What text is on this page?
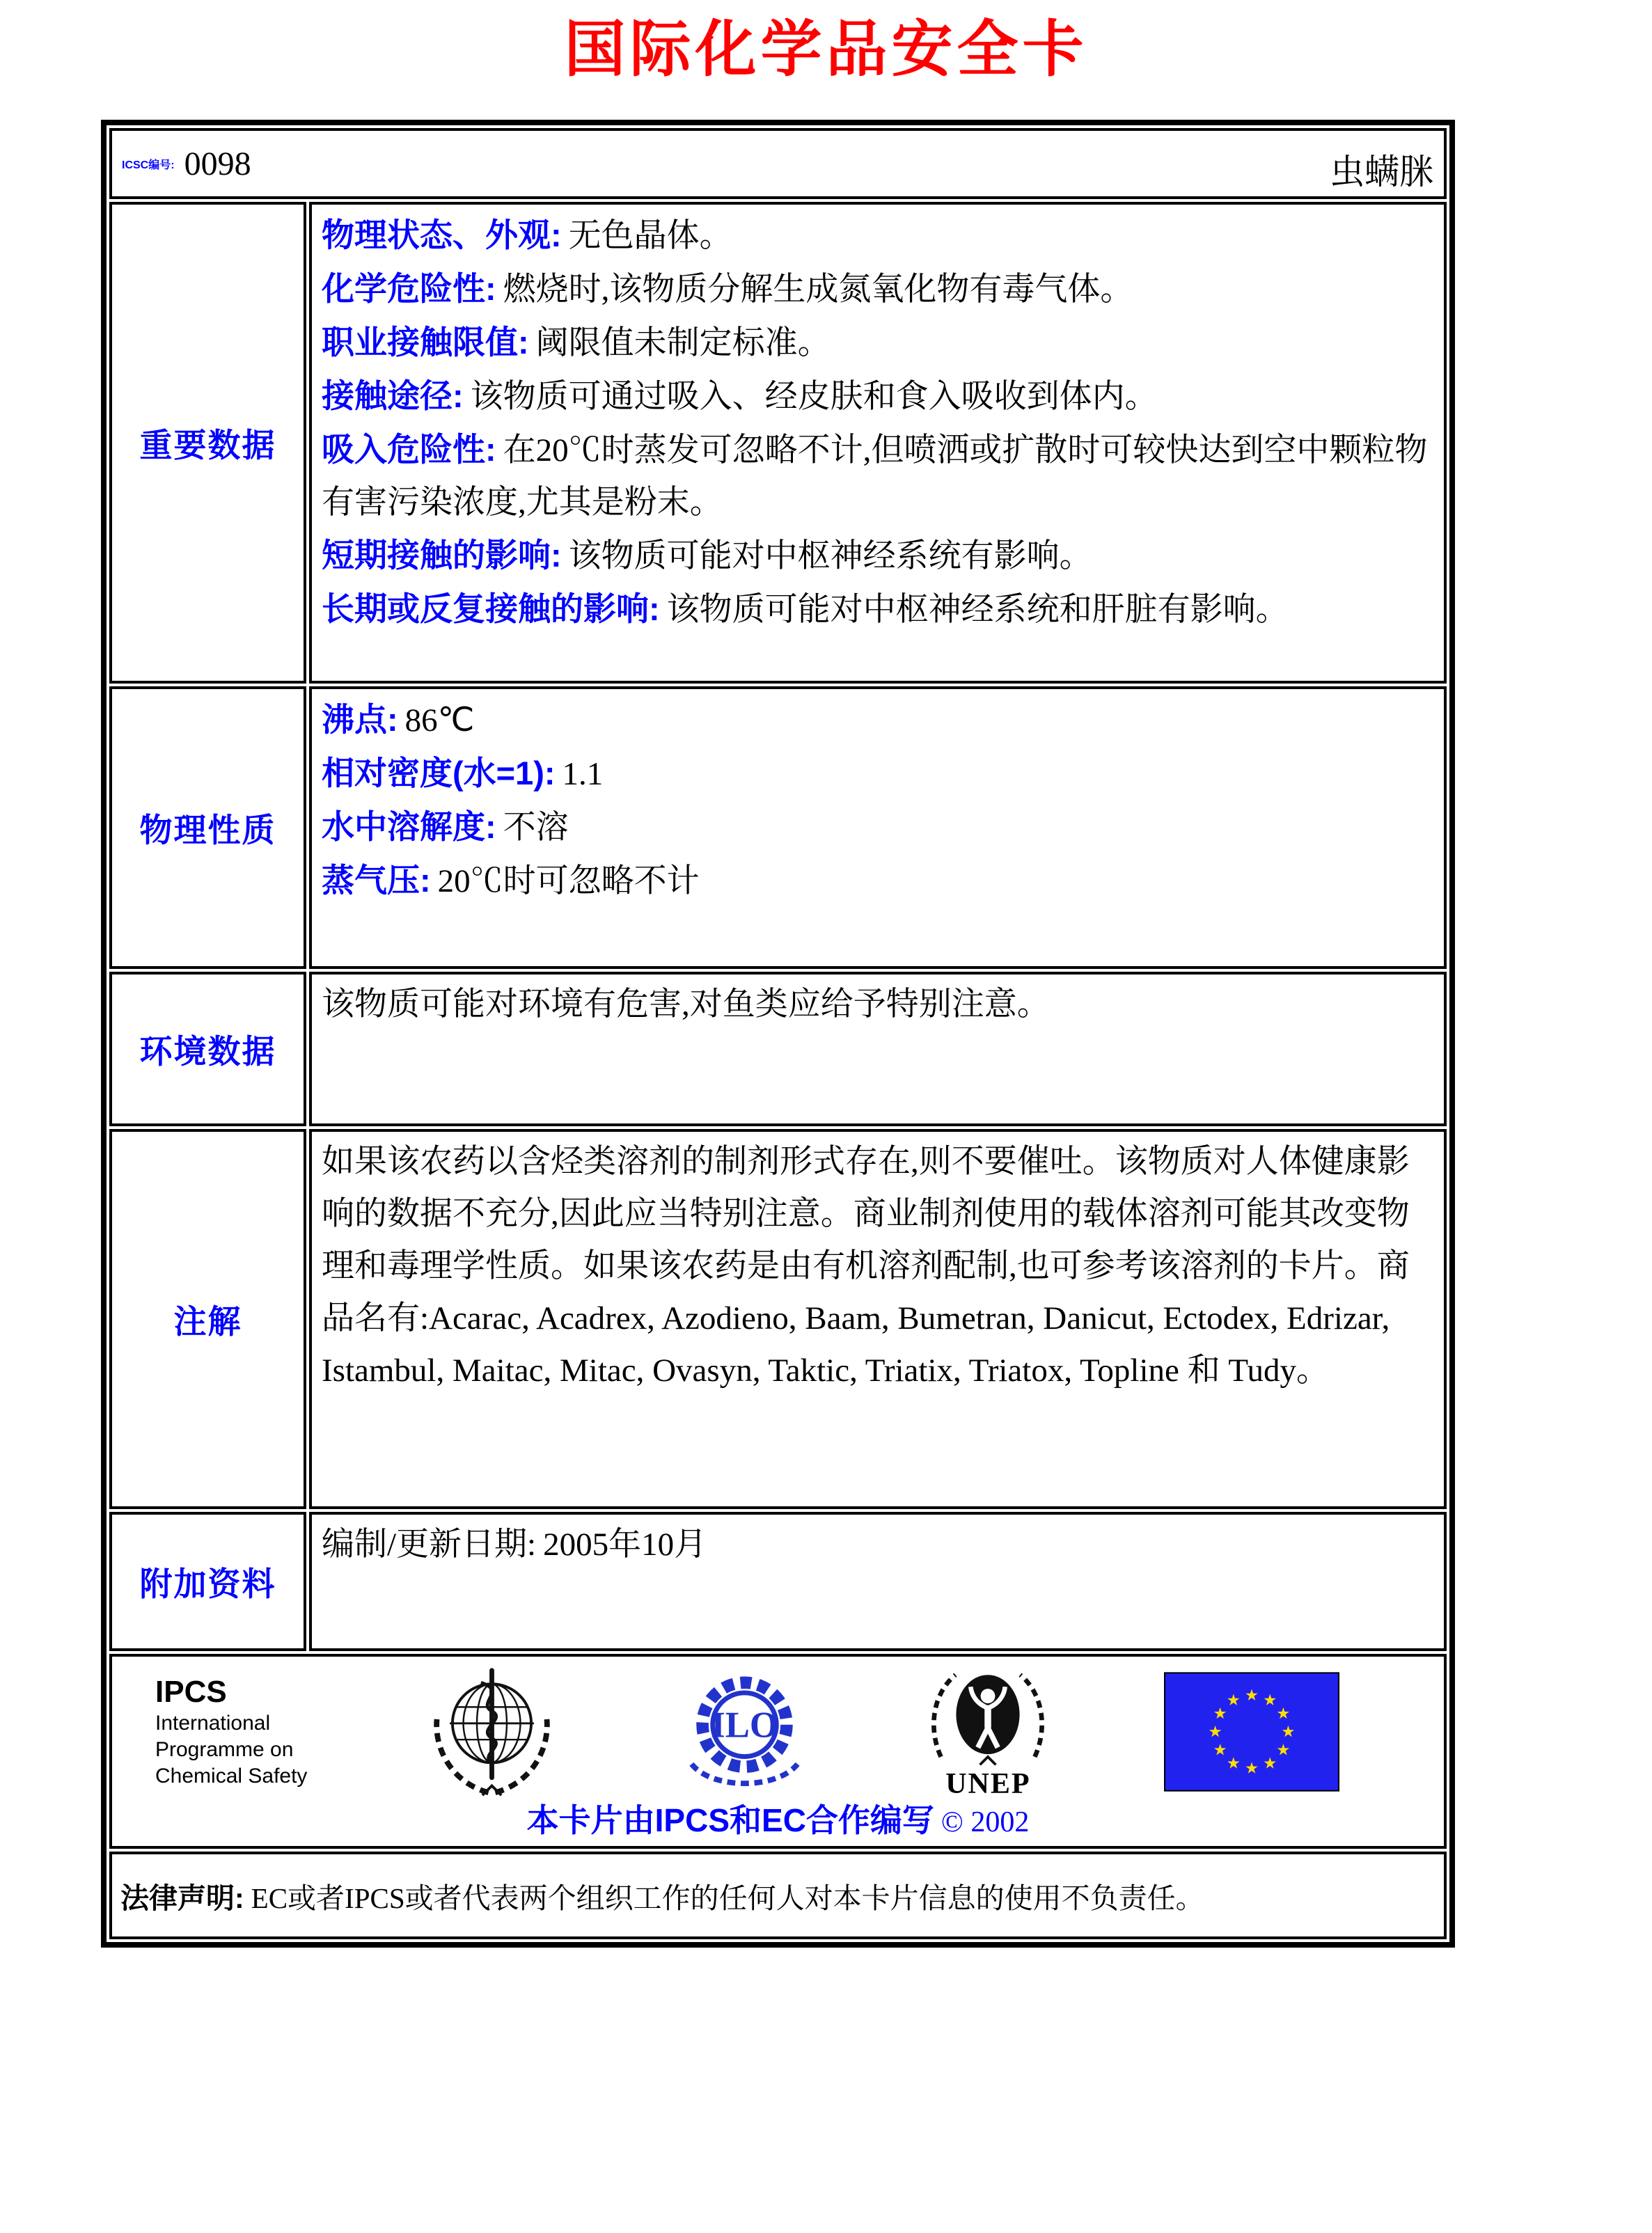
国际化学品安全卡
ICSC编号: 0098	虫螨脒
重要数据

物理状态、外观: 无色晶体。

化学危险性: 燃烧时,该物质分解生成氮氧化物有毒气体。

职业接触限值: 阈限值未制定标准。

接触途径: 该物质可通过吸入、经皮肤和食入吸收到体内。

吸入危险性: 在20℃时蒸发可忽略不计,但喷洒或扩散时可较快达到空中颗粒物有害污染浓度,尤其是粉末。

短期接触的影响: 该物质可能对中枢神经系统有影响。

长期或反复接触的影响: 该物质可能对中枢神经系统和肝脏有影响。

物理性质

沸点: 86℃

相对密度(水=1): 1.1

水中溶解度: 不溶

蒸气压: 20℃时可忽略不计

环境数据

该物质可能对环境有危害,对鱼类应给予特别注意。

注解

如果该农药以含烃类溶剂的制剂形式存在,则不要催吐。该物质对人体健康影响的数据不充分,因此应当特别注意。商业制剂使用的载体溶剂可能其改变物理和毒理学性质。如果该农药是由有机溶剂配制,也可参考该溶剂的卡片。商品名有:Acarac, Acadrex, Azodieno, Baam, Bumetran, Danicut, Ectodex, Edrizar, Istambul, Maitac, Mitac, Ovasyn, Taktic, Triatix, Triatox, Topline 和 Tudy。

附加资料

编制/更新日期: 2005年10月

IPCS
International
Programme on
Chemical Safety
ILO
UNEP
本卡片由IPCS和EC合作编写 © 2002
法律声明: EC或者IPCS或者代表两个组织工作的任何人对本卡片信息的使用不负责任。
